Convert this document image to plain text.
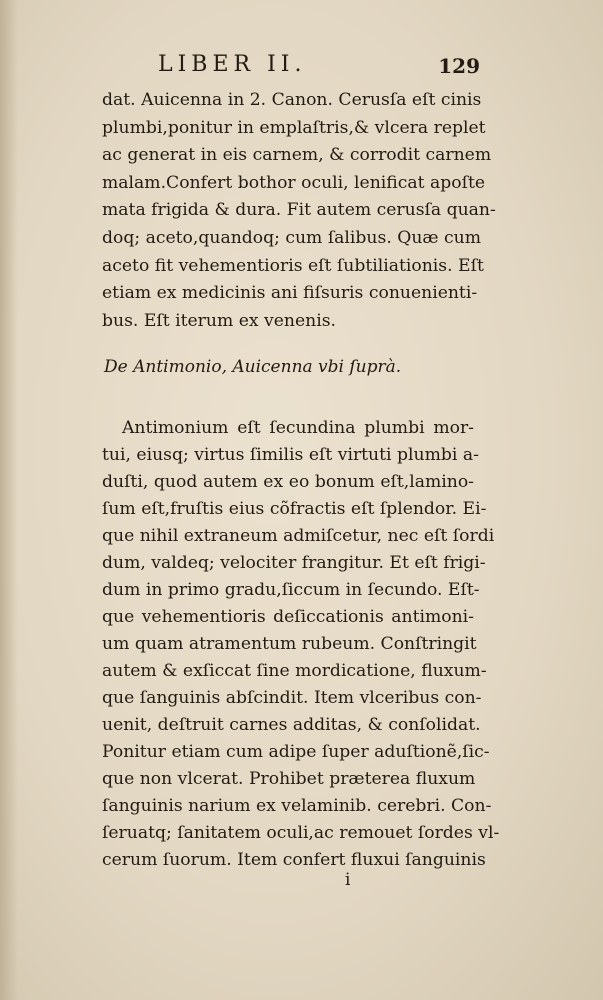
LIBER II.	129
dat. Auicenna in 2. Canon. Cerusſa eſt cinis
plumbi,ponitur in emplaſtris,& vlcera replet
ac generat in eis carnem, & corrodit carnem
malam.Confert bothor oculi, lenificat apoſte
mata frigida & dura. Fit autem cerusſa quan-
doq; aceto,quandoq; cum ſalibus. Quæ cum
aceto fit vehementioris eſt ſubtiliationis. Eſt
etiam ex medicinis ani fiſsuris conuenienti-
bus. Eſt iterum ex venenis.
De Antimonio, Auicenna vbi ſuprà.
Antimonium eſt ſecundina plumbi mor-
tui, eiusq; virtus ſimilis eſt virtuti plumbi a-
duſti, quod autem ex eo bonum eſt,lamino-
ſum eſt,fruſtis eius cõfractis eſt ſplendor. Ei-
que nihil extraneum admiſcetur, nec eſt ſordi
dum, valdeq; velociter frangitur. Et eſt frigi-
dum in primo gradu,ſiccum in ſecundo. Eſt-
que vehementioris deſiccationis antimoni-
um quam atramentum rubeum. Conſtringit
autem & exſiccat ſine mordicatione, fluxum-
que ſanguinis abſcindit. Item vlceribus con-
uenit, deſtruit carnes additas, & conſolidat.
Ponitur etiam cum adipe ſuper aduſtionẽ,ſic-
que non vlcerat. Prohibet præterea fluxum
ſanguinis narium ex velaminib. cerebri. Con-
ſeruatq; ſanitatem oculi,ac remouet ſordes vl-
cerum ſuorum. Item confert fluxui ſanguinis
i
